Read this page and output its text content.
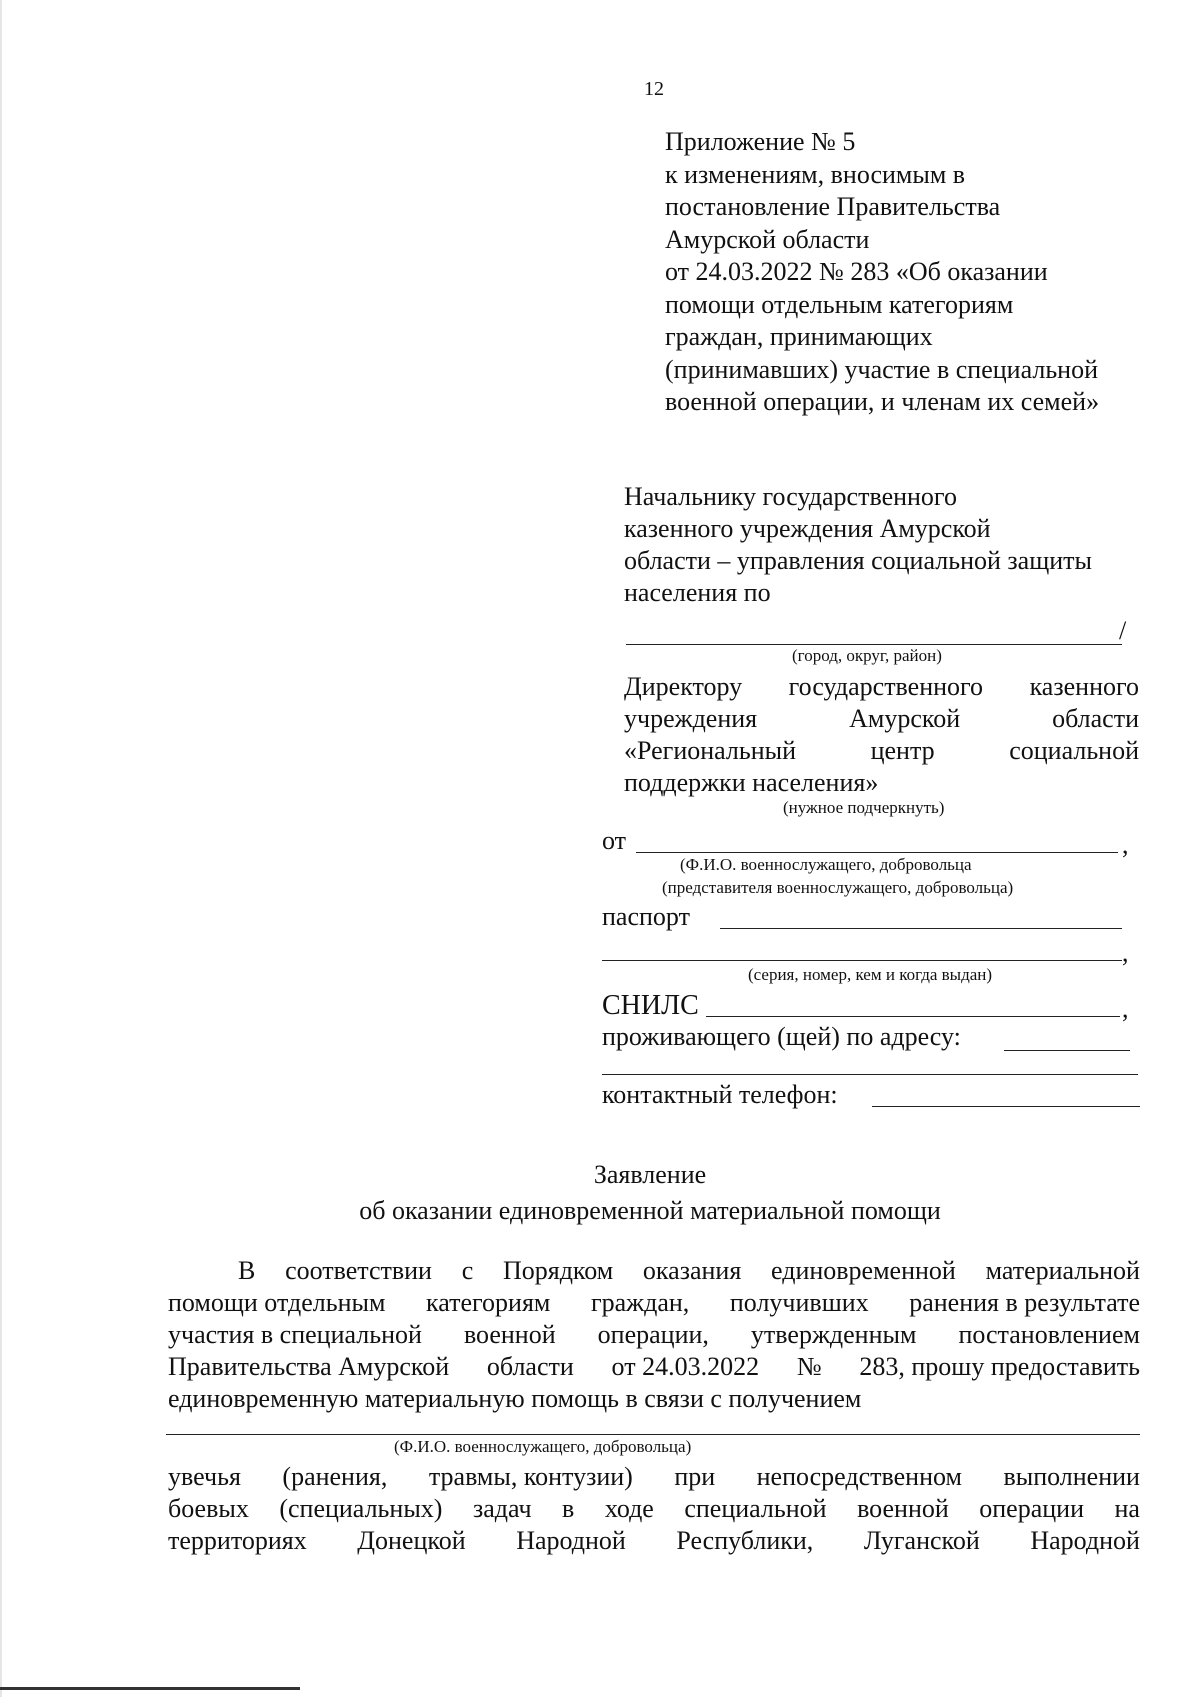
12
Приложение № 5
к изменениям, вносимым в
постановление Правительства
Амурской области
от 24.03.2022 № 283 «Об оказании
помощи отдельным категориям
граждан, принимающих
(принимавших) участие в специальной
военной операции, и членам их семей»
Начальнику государственного
казенного учреждения Амурской
области – управления социальной защиты
населения по
/
(город, округ, район)
Директору государственного казенного
учреждения	Амурской	области
«Региональный	центр	социальной
поддержки населения»
(нужное подчеркнуть)
от	,
(Ф.И.О. военнослужащего, добровольца
(представителя военнослужащего, добровольца)
паспорт
,
(серия, номер, кем и когда выдан)
СНИЛС	,
проживающего (щей) по адресу:
контактный телефон:
Заявление
об оказании единовременной материальной помощи
В соответствии с Порядком оказания единовременной материальной
помощи отдельным категориям граждан, получивших ранения в результате
участия в специальной военной операции, утвержденным постановлением
Правительства Амурской области от 24.03.2022 № 283, прошу предоставить
единовременную материальную помощь в связи с получением
(Ф.И.О. военнослужащего, добровольца)
увечья (ранения, травмы, контузии) при непосредственном выполнении
боевых (специальных) задач в ходе специальной военной операции на
территориях Донецкой Народной Республики, Луганской Народной
